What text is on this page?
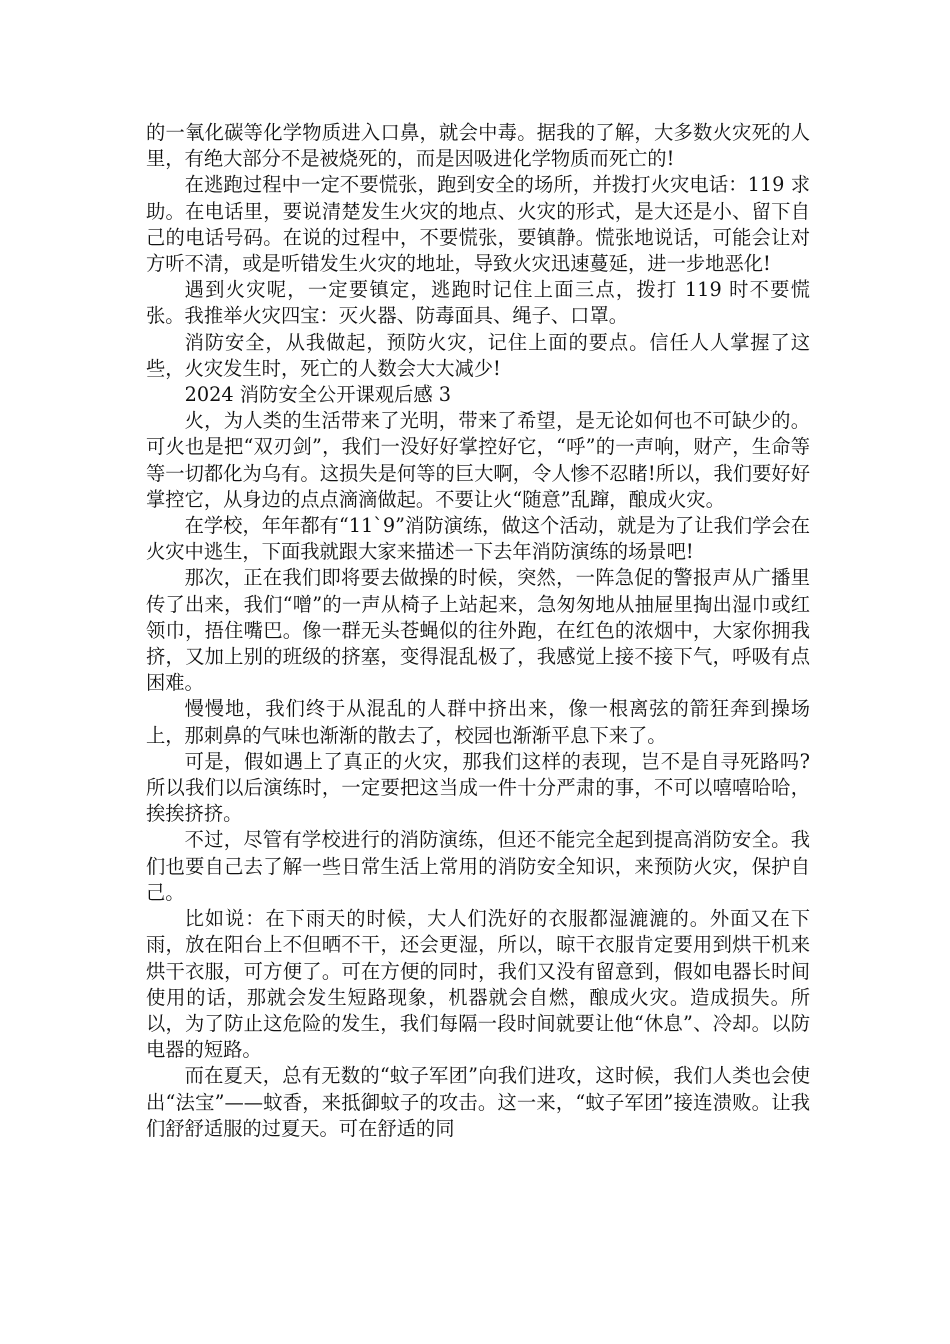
的一氧化碳等化学物质进入口鼻，就会中毒。据我的了解，大多数火灾死的人里，有绝大部分不是被烧死的，而是因吸进化学物质而死亡的!

在逃跑过程中一定不要慌张，跑到安全的场所，并拨打火灾电话：119 求助。在电话里，要说清楚发生火灾的地点、火灾的形式，是大还是小、留下自己的电话号码。在说的过程中，不要慌张，要镇静。慌张地说话，可能会让对方听不清，或是听错发生火灾的地址，导致火灾迅速蔓延，进一步地恶化!

遇到火灾呢，一定要镇定，逃跑时记住上面三点，拨打 119 时不要慌张。我推举火灾四宝：灭火器、防毒面具、绳子、口罩。

消防安全，从我做起，预防火灾，记住上面的要点。信任人人掌握了这些，火灾发生时，死亡的人数会大大减少!

2024 消防安全公开课观后感 3

火，为人类的生活带来了光明，带来了希望，是无论如何也不可缺少的。可火也是把“双刃剑”，我们一没好好掌控好它，“呼”的一声响，财产，生命等等一切都化为乌有。这损失是何等的巨大啊，令人惨不忍睹!所以，我们要好好掌控它，从身边的点点滴滴做起。不要让火“随意”乱蹿，酿成火灾。

在学校，年年都有“11`9”消防演练，做这个活动，就是为了让我们学会在火灾中逃生，下面我就跟大家来描述一下去年消防演练的场景吧!

那次，正在我们即将要去做操的时候，突然，一阵急促的警报声从广播里传了出来，我们“噌”的一声从椅子上站起来，急匆匆地从抽屉里掏出湿巾或红领巾，捂住嘴巴。像一群无头苍蝇似的往外跑，在红色的浓烟中，大家你拥我挤，又加上别的班级的挤塞，变得混乱极了，我感觉上接不接下气，呼吸有点困难。

慢慢地，我们终于从混乱的人群中挤出来，像一根离弦的箭狂奔到操场上，那刺鼻的气味也渐渐的散去了，校园也渐渐平息下来了。

可是，假如遇上了真正的火灾，那我们这样的表现，岂不是自寻死路吗?所以我们以后演练时，一定要把这当成一件十分严肃的事，不可以嘻嘻哈哈，挨挨挤挤。

不过，尽管有学校进行的消防演练，但还不能完全起到提高消防安全。我们也要自己去了解一些日常生活上常用的消防安全知识，来预防火灾，保护自己。

比如说：在下雨天的时候，大人们洗好的衣服都湿漉漉的。外面又在下雨，放在阳台上不但晒不干，还会更湿，所以，晾干衣服肯定要用到烘干机来烘干衣服，可方便了。可在方便的同时，我们又没有留意到，假如电器长时间使用的话，那就会发生短路现象，机器就会自燃，酿成火灾。造成损失。所以，为了防止这危险的发生，我们每隔一段时间就要让他“休息”、冷却。以防电器的短路。

而在夏天，总有无数的“蚊子军团”向我们进攻，这时候，我们人类也会使出“法宝”——蚊香，来抵御蚊子的攻击。这一来，“蚊子军团”接连溃败。让我们舒舒适服的过夏天。可在舒适的同
